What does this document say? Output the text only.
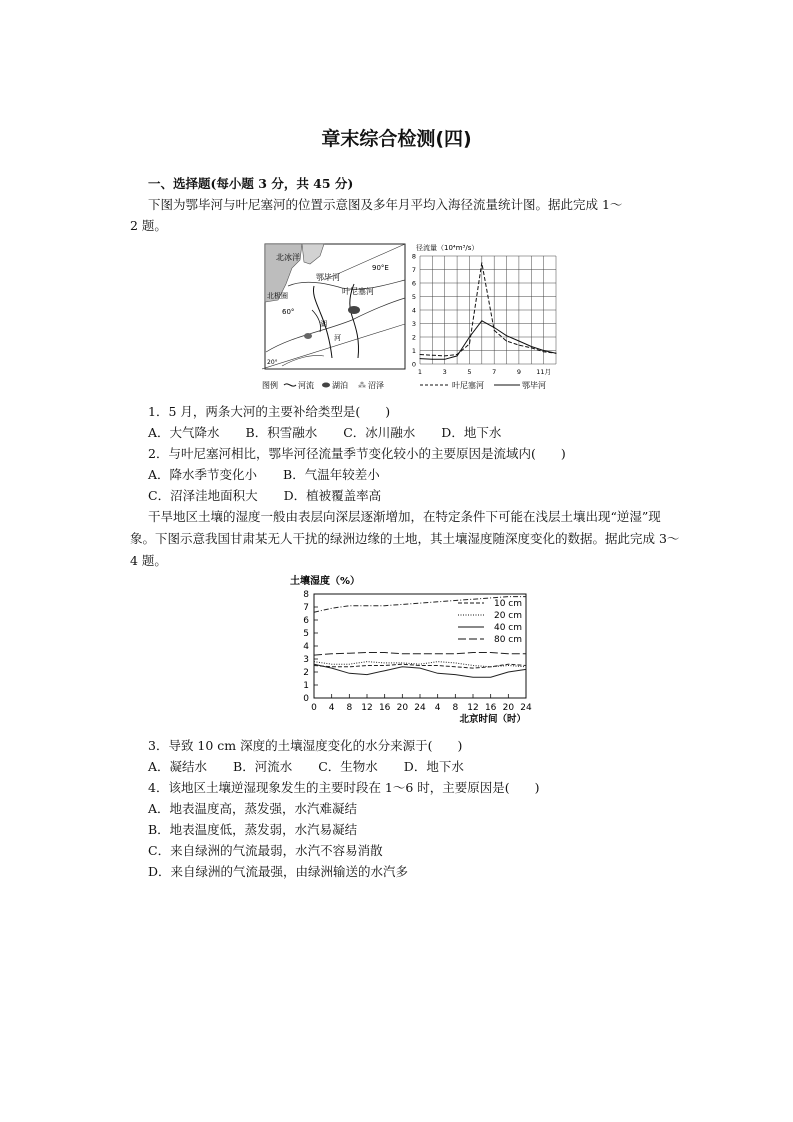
章末综合检测(四)
一、选择题(每小题 3 分，共 45 分)
下图为鄂毕河与叶尼塞河的位置示意图及多年月平均入海径流量统计图。据此完成 1～
2 题。
北冰洋
鄂毕河
叶尼塞河
北极圈
90°E
60°
河
湖
20°
图例	河流 湖泊 ⁂ 沼泽
径流量（10⁴m³/s）
0
1
2
3
4
5
6
7
8
1	3	5	7	9 11月
叶尼塞河	鄂毕河
1．5 月，两条大河的主要补给类型是(　　)
A．大气降水 B．积雪融水 C．冰川融水 D．地下水
2．与叶尼塞河相比，鄂毕河径流量季节变化较小的主要原因是流域内(　　)
A．降水季节变化小 B．气温年较差小
C．沼泽洼地面积大 D．植被覆盖率高
干旱地区土壤的湿度一般由表层向深层逐渐增加，在特定条件下可能在浅层土壤出现“逆湿”现象。下图示意我国甘肃某无人干扰的绿洲边缘的土地，其土壤湿度随深度变化的数据。据此完成 3～4 题。
土壤湿度（%）
0
1
2
3
4
5
6
7
8
0 4 8 12 16 20 24 4 8 12 16 20 24
北京时间（时）
10 cm
20 cm
40 cm
80 cm
3．导致 10 cm 深度的土壤湿度变化的水分来源于(　　)
A．凝结水 B．河流水 C．生物水 D．地下水
4．该地区土壤逆湿现象发生的主要时段在 1～6 时，主要原因是(　　)
A．地表温度高，蒸发强，水汽难凝结
B．地表温度低，蒸发弱，水汽易凝结
C．来自绿洲的气流最弱，水汽不容易消散
D．来自绿洲的气流最强，由绿洲输送的水汽多
